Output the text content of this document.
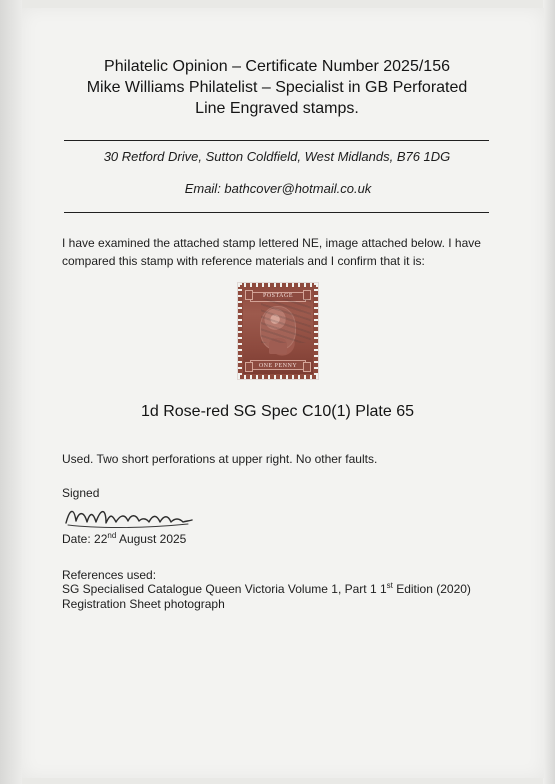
Philatelic Opinion – Certificate Number 2025/156
Mike Williams Philatelist – Specialist in GB Perforated
Line Engraved stamps.
30 Retford Drive, Sutton Coldfield, West Midlands, B76 1DG
Email: bathcover@hotmail.co.uk
I have examined the attached stamp lettered NE, image attached below. I have
compared this stamp with reference materials and I confirm that it is:
POSTAGE
ONE PENNY
1d Rose-red SG Spec C10(1) Plate 65
Used. Two short perforations at upper right. No other faults.
Signed
Date: 22nd August 2025
References used:
SG Specialised Catalogue Queen Victoria Volume 1, Part 1 1st Edition (2020)
Registration Sheet photograph
